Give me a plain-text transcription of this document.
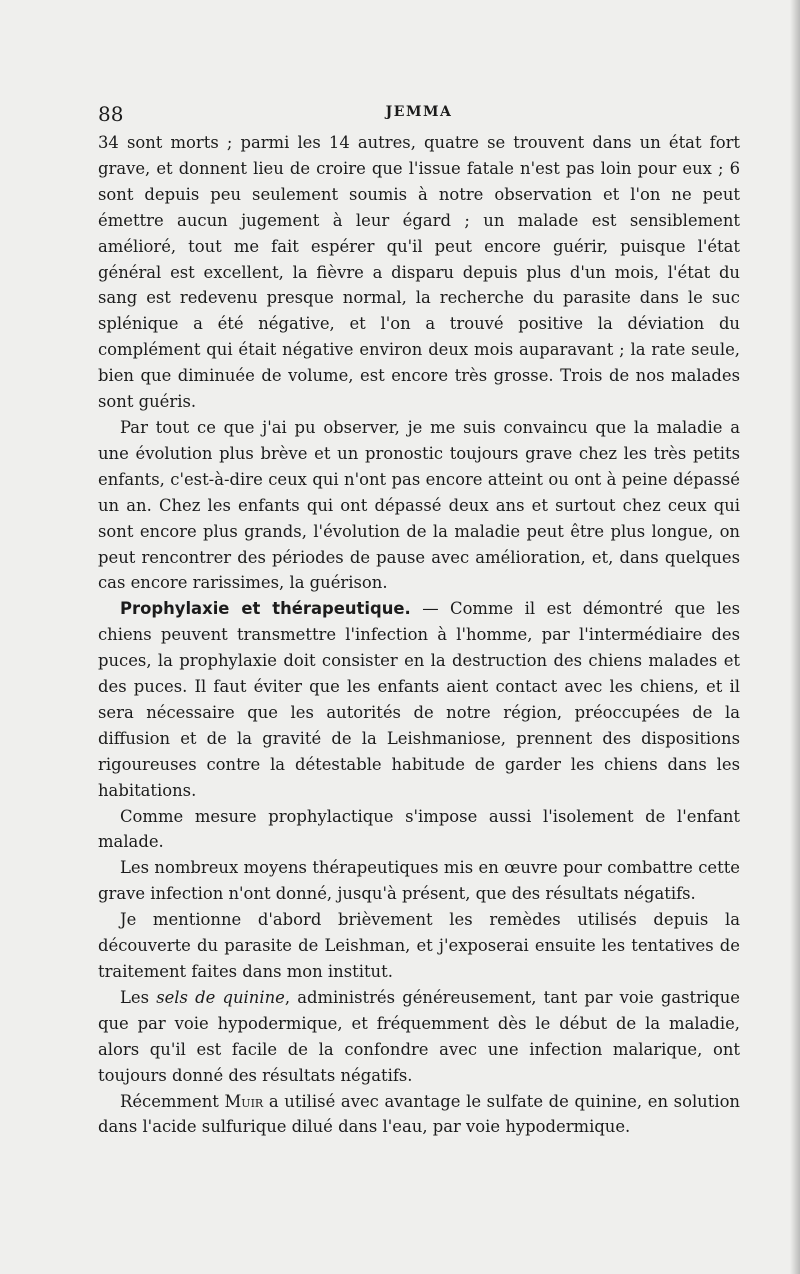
88	JEMMA

34 sont morts ; parmi les 14 autres, quatre se trouvent dans un état fort grave, et donnent lieu de croire que l'issue fatale n'est pas loin pour eux ; 6 sont depuis peu seulement soumis à notre observation et l'on ne peut émettre aucun jugement à leur égard ; un malade est sensiblement amélioré, tout me fait espérer qu'il peut encore guérir, puisque l'état général est excellent, la fièvre a disparu depuis plus d'un mois, l'état du sang est redevenu presque normal, la recherche du parasite dans le suc splénique a été négative, et l'on a trouvé positive la déviation du complément qui était négative environ deux mois auparavant ; la rate seule, bien que diminuée de volume, est encore très grosse. Trois de nos malades sont guéris.

Par tout ce que j'ai pu observer, je me suis convaincu que la maladie a une évolution plus brève et un pronostic toujours grave chez les très petits enfants, c'est-à-dire ceux qui n'ont pas encore atteint ou ont à peine dépassé un an. Chez les enfants qui ont dépassé deux ans et surtout chez ceux qui sont encore plus grands, l'évolution de la maladie peut être plus longue, on peut rencontrer des périodes de pause avec amélioration, et, dans quelques cas encore rarissimes, la guérison.

Prophylaxie et thérapeutique. — Comme il est démontré que les chiens peuvent transmettre l'infection à l'homme, par l'intermédiaire des puces, la prophylaxie doit consister en la destruction des chiens malades et des puces. Il faut éviter que les enfants aient contact avec les chiens, et il sera nécessaire que les autorités de notre région, préoccupées de la diffusion et de la gravité de la Leishmaniose, prennent des dispositions rigoureuses contre la détestable habitude de garder les chiens dans les habitations.

Comme mesure prophylactique s'impose aussi l'isolement de l'enfant malade.

Les nombreux moyens thérapeutiques mis en œuvre pour combattre cette grave infection n'ont donné, jusqu'à présent, que des résultats négatifs.

Je mentionne d'abord brièvement les remèdes utilisés depuis la découverte du parasite de Leishman, et j'exposerai ensuite les tentatives de traitement faites dans mon institut.

Les sels de quinine, administrés généreusement, tant par voie gastrique que par voie hypodermique, et fréquemment dès le début de la maladie, alors qu'il est facile de la confondre avec une infection malarique, ont toujours donné des résultats négatifs.

Récemment Muir a utilisé avec avantage le sulfate de quinine, en solution dans l'acide sulfurique dilué dans l'eau, par voie hypodermique.
